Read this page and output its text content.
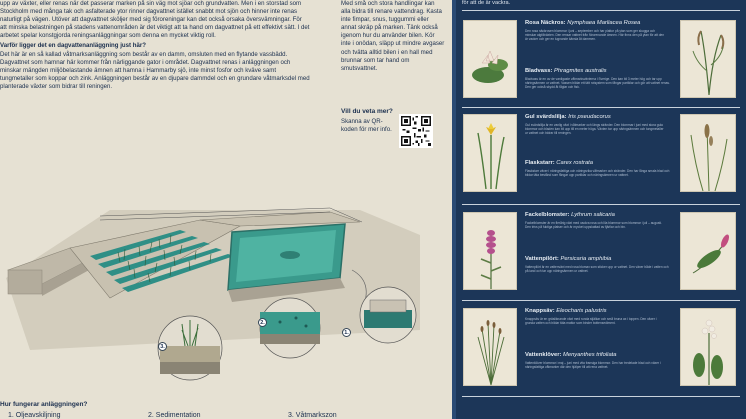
upp av växter, eller renas när det passerar marken på sin väg mot sjöar och grundvatten. Men i en storstad som Stockholm med många tak och asfalterade ytor rinner dagvattnet istället snabbt mot sjön och hinner inte renas naturligt på vägen. Utöver att dagvattnet sköljer med sig föroreningar kan det också orsaka översvämningar. För att minska belastningen på stadens vattenområden är det viktigt att ta hand om dagvattnet på ett effektivt sätt. I det arbetet spelar konstgjorda reningsanläggningar som denna en mycket viktig roll.

Varför ligger det en dagvattenanläggning just här?

Det här är en så kallad våtmarksanläggning som består av en damm, omsluten med en flytande vassbädd. Dagvattnet som hamnar här kommer från närliggande gator i området. Dagvattnet renas i anläggningen och minskar mängden miljöbelastande ämnen att hamna i Hammarby sjö, inte minst fosfor och kväve samt tungmetaller som koppar och zink. Anläggningen består av en djupare dammdel och en grundare våtmarksdel med planterade växter som bidrar till reningen.

Med små och stora handlingar kan alla bidra till renare vattendrag. Kasta inte fimpar, snus, tuggummi eller annat skräp på marken. Tänk också igenom hur du använder bilen. Kör inte i onödan, släpp ut mindre avgaser och tvätta alltid bilen i en hall med brunnar som tar hand om smutsvattnet.
Vill du veta mer?
Skanna av QR-koden för mer info.
1.
2.
3.
Hur fungerar anläggningen?
1. Oljeavskiljning	2. Sedimentation	3. Våtmarkszon
för att de är vackra.
Rosa Näckros: Nymphaea Marliacea Rosea
Den rosa näckrosen blommar i juni – september och har plattor på ytan som ger skugga och minskar algtillväxten. Den rensar vattnet från förorenande ämnen. Här finns den på ytan för att den är vacker och ger en lugnande känsla åt dammen.
Bladvass: Phragmites australis
Bladvass är en av de vanligaste våtmarksväxterna i Sverige. Den kan bli 3 meter hög och tar upp näringsämnen ur vattnet. Vassen bildar ett tätt rotsystem som fångar partiklar och gör att vattnet renas. Den ger också skydd åt fåglar och fisk.
Gul svärdslilja: Iris pseudacorus
Gul svärdslilja är en vanlig växt i våtmarker och längs stränder. Den blommar i juni med stora gula blommor och bladen kan bli upp till en meter höga. Växten tar upp näringsämnen och tungmetaller ur vattnet och bidrar till reningen.
Flaskstarr: Carex rostrata
Flaskstarr växer i näringsfattiga och näringsrika våtmarker och stränder. Den har långa smala blad och bildar täta bestånd som fångar upp partiklar och näringsämnen ur vattnet.
Fackelblomster: Lythrum salicaria
Fackelblomster är en flerårig växt med vackra rosa och lila blommor som blommar i juli – augusti. Den trivs på fuktiga platser och är mycket uppskattad av fjärilar och bin.
Vattenpilört: Persicaria amphibia
Vattenpilört är en vattenväxt med rosa blomax som sticker upp ur vattnet. Den växer både i vatten och på land och tar upp näringsämnen ur vattnet.
Knappsäv: Eleocharis palustris
Knappsäv är en gräsliknande växt med runda stjälkar och små bruna ax i toppen. Den växer i grunda vatten och bildar täta mattor som binder bottensediment.
Vattenklöver: Menyanthes trifoliata
Vattenklöver blommar i maj – juni med vita fransiga blommor. Den har tredelade blad och växer i näringsfattiga våtmarker där den hjälper till att rena vattnet.
